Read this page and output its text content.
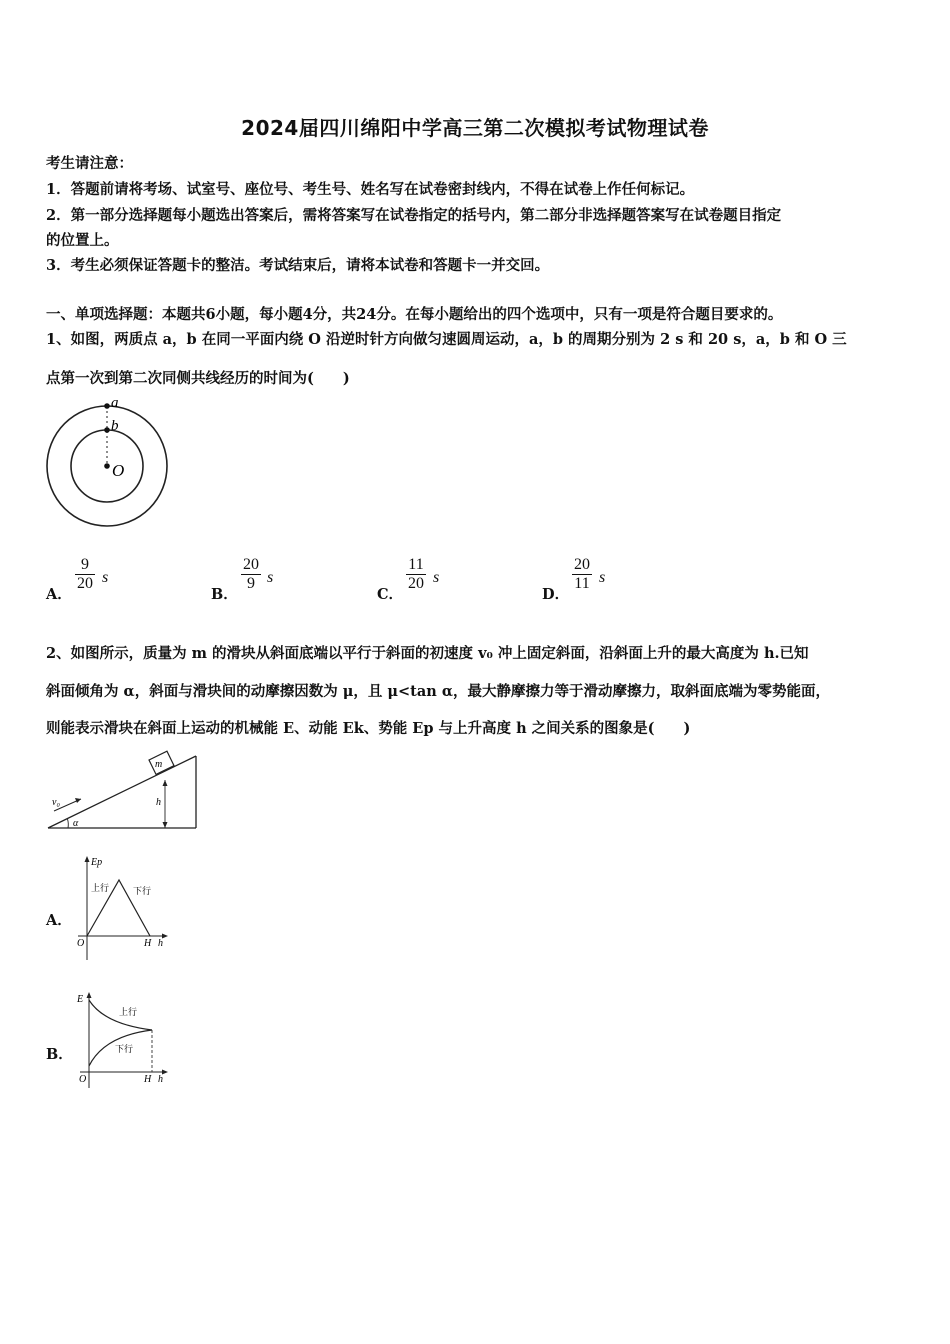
2024届四川绵阳中学高三第二次模拟考试物理试卷
考生请注意：
1．答题前请将考场、试室号、座位号、考生号、姓名写在试卷密封线内，不得在试卷上作任何标记。
2．第一部分选择题每小题选出答案后，需将答案写在试卷指定的括号内，第二部分非选择题答案写在试卷题目指定
的位置上。
3．考生必须保证答题卡的整洁。考试结束后，请将本试卷和答题卡一并交回。
一、单项选择题：本题共6小题，每小题4分，共24分。在每小题给出的四个选项中，只有一项是符合题目要求的。
1、如图，两质点 a，b 在同一平面内绕 O 沿逆时针方向做匀速圆周运动，a，b 的周期分别为 2 s 和 20 s，a，b 和 O 三
点第一次到第二次同侧共线经历的时间为(　　)
a
b
O
A．
$\frac{9}{20}$ s
B．
$\frac{20}{9}$ s
C．
$\frac{11}{20}$ s
D．
$\frac{20}{11}$ s
2、如图所示，质量为 m 的滑块从斜面底端以平行于斜面的初速度 v₀ 冲上固定斜面，沿斜面上升的最大高度为 h.已知
斜面倾角为 α，斜面与滑块间的动摩擦因数为 μ，且 μ<tan α，最大静摩擦力等于滑动摩擦力，取斜面底端为零势能面，
则能表示滑块在斜面上运动的机械能 E、动能 Ek、势能 Ep 与上升高度 h 之间关系的图象是(　　)
m
v₀	h
α
A．
Ep
上行	下行
O	H h
B．
E
上行
下行
O	H h
